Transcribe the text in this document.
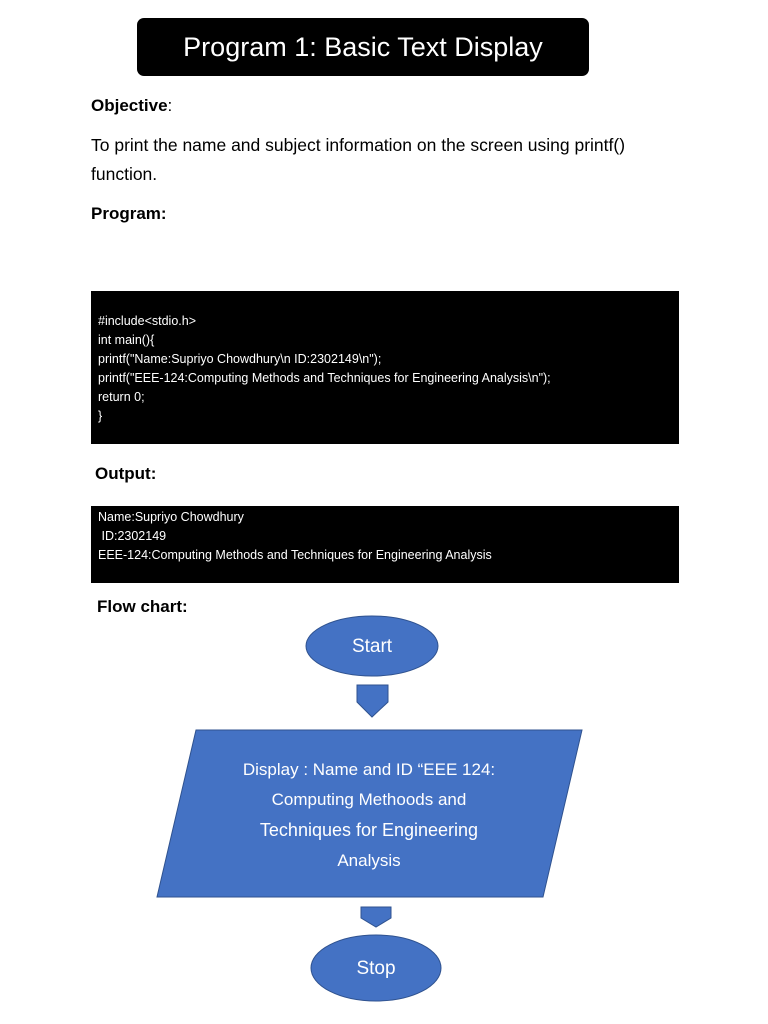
Program 1: Basic Text Display
Objective:
To print the name and subject information on the screen using printf()
function.
Program:
#include<stdio.h>
int main(){
printf("Name:Supriyo Chowdhury\n ID:2302149\n");
printf("EEE-124:Computing Methods and Techniques for Engineering Analysis\n");
return 0;
}
Output:
Name:Supriyo Chowdhury
ID:2302149
EEE-124:Computing Methods and Techniques for Engineering Analysis
Flow chart:
Start
Display : Name and ID “EEE 124:
Computing Methoods and
Techniques for Engineering
Analysis
Stop
